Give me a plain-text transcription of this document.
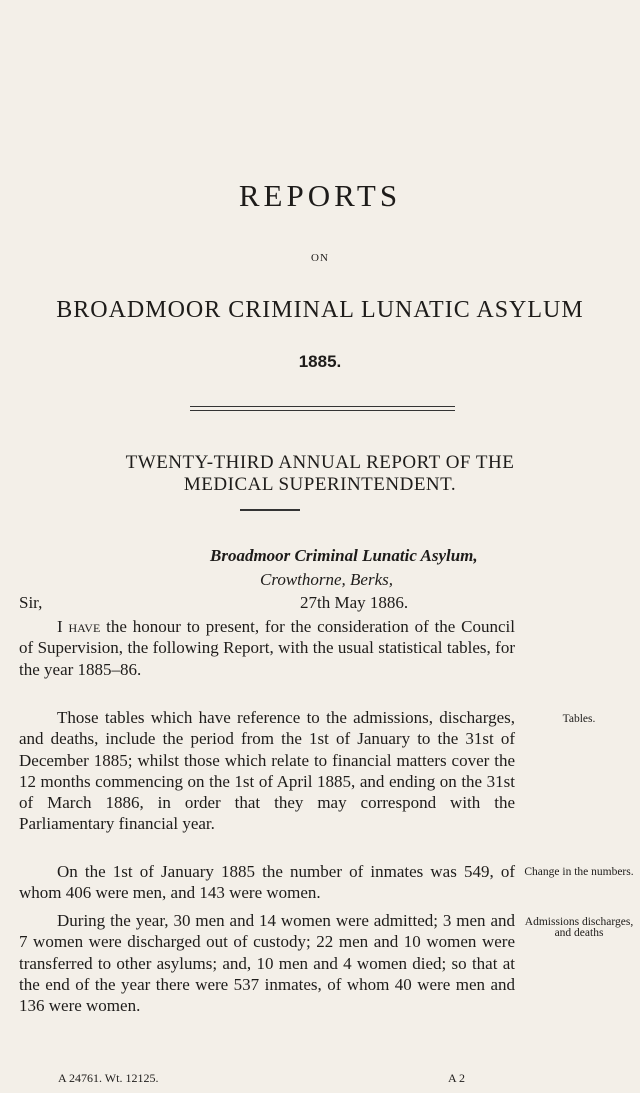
REPORTS
ON
BROADMOOR CRIMINAL LUNATIC ASYLUM
1885.
TWENTY-THIRD ANNUAL REPORT OF THE
MEDICAL SUPERINTENDENT.
Broadmoor Criminal Lunatic Asylum,
Crowthorne, Berks,
Sir,	27th May 1886.
I have the honour to present, for the consideration of the Council of Supervision, the following Report, with the usual statistical tables, for the year 1885–86.
Those tables which have reference to the admissions, discharges, and deaths, include the period from the 1st of January to the 31st of December 1885; whilst those which relate to financial matters cover the 12 months commencing on the 1st of April 1885, and ending on the 31st of March 1886, in order that they may correspond with the Parliamentary financial year.
Tables.
On the 1st of January 1885 the number of inmates was 549, of whom 406 were men, and 143 were women.
Change in the numbers.
During the year, 30 men and 14 women were admitted; 3 men and 7 women were discharged out of custody; 22 men and 10 women were transferred to other asylums; and, 10 men and 4 women died; so that at the end of the year there were 537 inmates, of whom 40 were men and 136 were women.
Admissions discharges, and deaths
A 24761. Wt. 12125.	A 2
